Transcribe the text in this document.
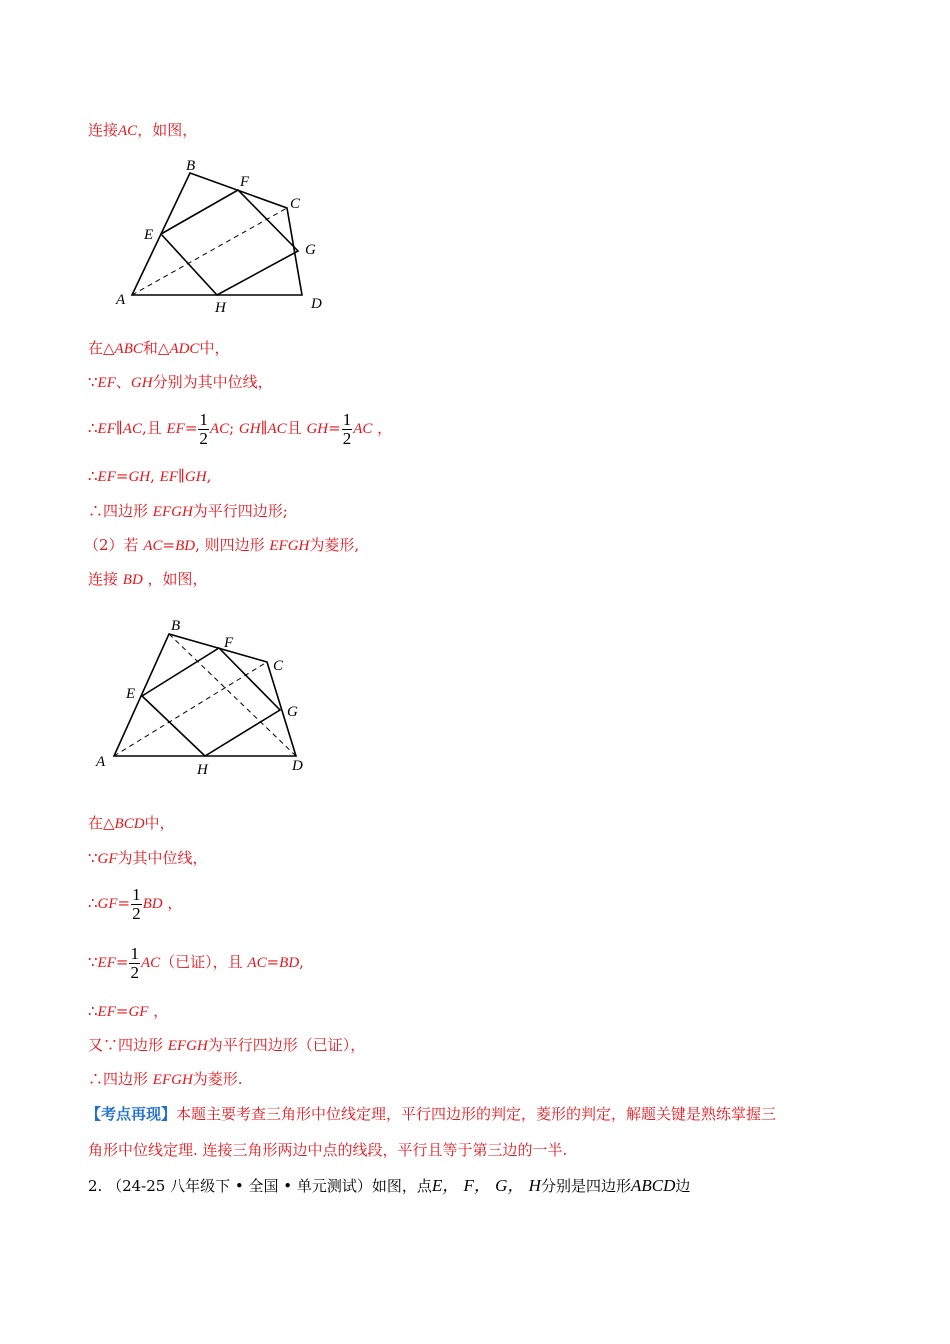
连接AC，如图，
B
F
C
E
G
A	H	D
在△ABC和△ADC中，
∵EF、GH分别为其中位线，
∴EF∥AC,且 $EF= \frac{1}{2}$ AC; GH∥AC且 $GH= \frac{1}{2}$ AC ，
∴EF=GH, EF∥GH,
∴四边形 EFGH为平行四边形;
（2）若 AC=BD, 则四边形 EFGH为菱形,
连接 BD ，如图，
B
F
C
E
G
A	H	D
在△BCD中，
∵GF为其中位线，
∴GF= $\frac{1}{2}$ BD ，
∵EF= $\frac{1}{2} AC$（已证），且 AC=BD,
∴EF=GF ，
又∵四边形 EFGH为平行四边形（已证），
∴四边形 EFGH为菱形.
【考点再现】本题主要考查三角形中位线定理，平行四边形的判定，菱形的判定，解题关键是熟练掌握三
角形中位线定理. 连接三角形两边中点的线段，平行且等于第三边的一半.
2. （24-25 八年级下 • 全国 • 单元测试）如图，点E， F， G， H分别是四边形ABCD边
